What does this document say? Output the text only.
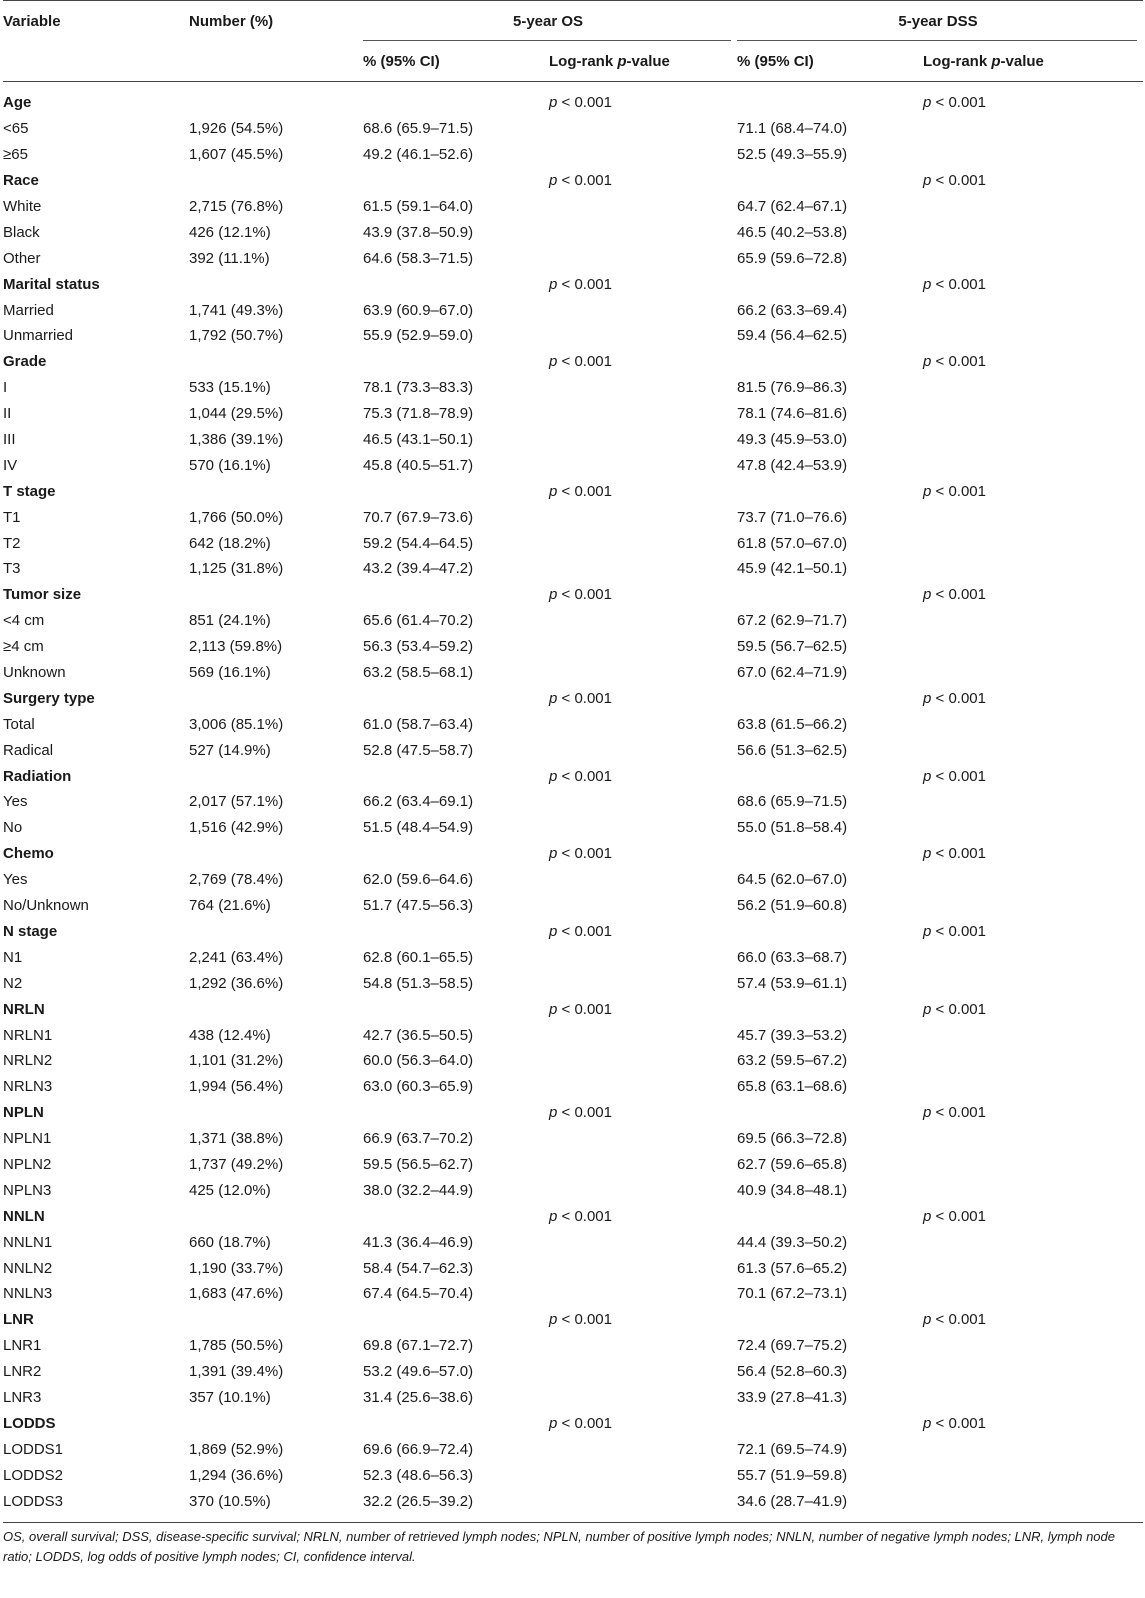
Variable	Number (%)	5-year OS		5-year DSS	

		% (95% CI)	Log-rank p-value	% (95% CI)	Log-rank p-value
Age			p < 0.001		p < 0.001
<65	1,926 (54.5%)	68.6 (65.9–71.5)		71.1 (68.4–74.0)	
≥65	1,607 (45.5%)	49.2 (46.1–52.6)		52.5 (49.3–55.9)	
Race			p < 0.001		p < 0.001
White	2,715 (76.8%)	61.5 (59.1–64.0)		64.7 (62.4–67.1)	
Black	426 (12.1%)	43.9 (37.8–50.9)		46.5 (40.2–53.8)	
Other	392 (11.1%)	64.6 (58.3–71.5)		65.9 (59.6–72.8)	
Marital status			p < 0.001		p < 0.001
Married	1,741 (49.3%)	63.9 (60.9–67.0)		66.2 (63.3–69.4)	
Unmarried	1,792 (50.7%)	55.9 (52.9–59.0)		59.4 (56.4–62.5)	
Grade			p < 0.001		p < 0.001
I	533 (15.1%)	78.1 (73.3–83.3)		81.5 (76.9–86.3)	
II	1,044 (29.5%)	75.3 (71.8–78.9)		78.1 (74.6–81.6)	
III	1,386 (39.1%)	46.5 (43.1–50.1)		49.3 (45.9–53.0)	
IV	570 (16.1%)	45.8 (40.5–51.7)		47.8 (42.4–53.9)	
T stage			p < 0.001		p < 0.001
T1	1,766 (50.0%)	70.7 (67.9–73.6)		73.7 (71.0–76.6)	
T2	642 (18.2%)	59.2 (54.4–64.5)		61.8 (57.0–67.0)	
T3	1,125 (31.8%)	43.2 (39.4–47.2)		45.9 (42.1–50.1)	
Tumor size			p < 0.001		p < 0.001
<4 cm	851 (24.1%)	65.6 (61.4–70.2)		67.2 (62.9–71.7)	
≥4 cm	2,113 (59.8%)	56.3 (53.4–59.2)		59.5 (56.7–62.5)	
Unknown	569 (16.1%)	63.2 (58.5–68.1)		67.0 (62.4–71.9)	
Surgery type			p < 0.001		p < 0.001
Total	3,006 (85.1%)	61.0 (58.7–63.4)		63.8 (61.5–66.2)	
Radical	527 (14.9%)	52.8 (47.5–58.7)		56.6 (51.3–62.5)	
Radiation			p < 0.001		p < 0.001
Yes	2,017 (57.1%)	66.2 (63.4–69.1)		68.6 (65.9–71.5)	
No	1,516 (42.9%)	51.5 (48.4–54.9)		55.0 (51.8–58.4)	
Chemo			p < 0.001		p < 0.001
Yes	2,769 (78.4%)	62.0 (59.6–64.6)		64.5 (62.0–67.0)	
No/Unknown	764 (21.6%)	51.7 (47.5–56.3)		56.2 (51.9–60.8)	
N stage			p < 0.001		p < 0.001
N1	2,241 (63.4%)	62.8 (60.1–65.5)		66.0 (63.3–68.7)	
N2	1,292 (36.6%)	54.8 (51.3–58.5)		57.4 (53.9–61.1)	
NRLN			p < 0.001		p < 0.001
NRLN1	438 (12.4%)	42.7 (36.5–50.5)		45.7 (39.3–53.2)	
NRLN2	1,101 (31.2%)	60.0 (56.3–64.0)		63.2 (59.5–67.2)	
NRLN3	1,994 (56.4%)	63.0 (60.3–65.9)		65.8 (63.1–68.6)	
NPLN			p < 0.001		p < 0.001
NPLN1	1,371 (38.8%)	66.9 (63.7–70.2)		69.5 (66.3–72.8)	
NPLN2	1,737 (49.2%)	59.5 (56.5–62.7)		62.7 (59.6–65.8)	
NPLN3	425 (12.0%)	38.0 (32.2–44.9)		40.9 (34.8–48.1)	
NNLN			p < 0.001		p < 0.001
NNLN1	660 (18.7%)	41.3 (36.4–46.9)		44.4 (39.3–50.2)	
NNLN2	1,190 (33.7%)	58.4 (54.7–62.3)		61.3 (57.6–65.2)	
NNLN3	1,683 (47.6%)	67.4 (64.5–70.4)		70.1 (67.2–73.1)	
LNR			p < 0.001		p < 0.001
LNR1	1,785 (50.5%)	69.8 (67.1–72.7)		72.4 (69.7–75.2)	
LNR2	1,391 (39.4%)	53.2 (49.6–57.0)		56.4 (52.8–60.3)	
LNR3	357 (10.1%)	31.4 (25.6–38.6)		33.9 (27.8–41.3)	
LODDS			p < 0.001		p < 0.001
LODDS1	1,869 (52.9%)	69.6 (66.9–72.4)		72.1 (69.5–74.9)	
LODDS2	1,294 (36.6%)	52.3 (48.6–56.3)		55.7 (51.9–59.8)	
LODDS3	370 (10.5%)	32.2 (26.5–39.2)		34.6 (28.7–41.9)	
OS, overall survival; DSS, disease-specific survival; NRLN, number of retrieved lymph nodes; NPLN, number of positive lymph nodes; NNLN, number of negative lymph nodes; LNR, lymph node ratio; LODDS, log odds of positive lymph nodes; CI, confidence interval.
